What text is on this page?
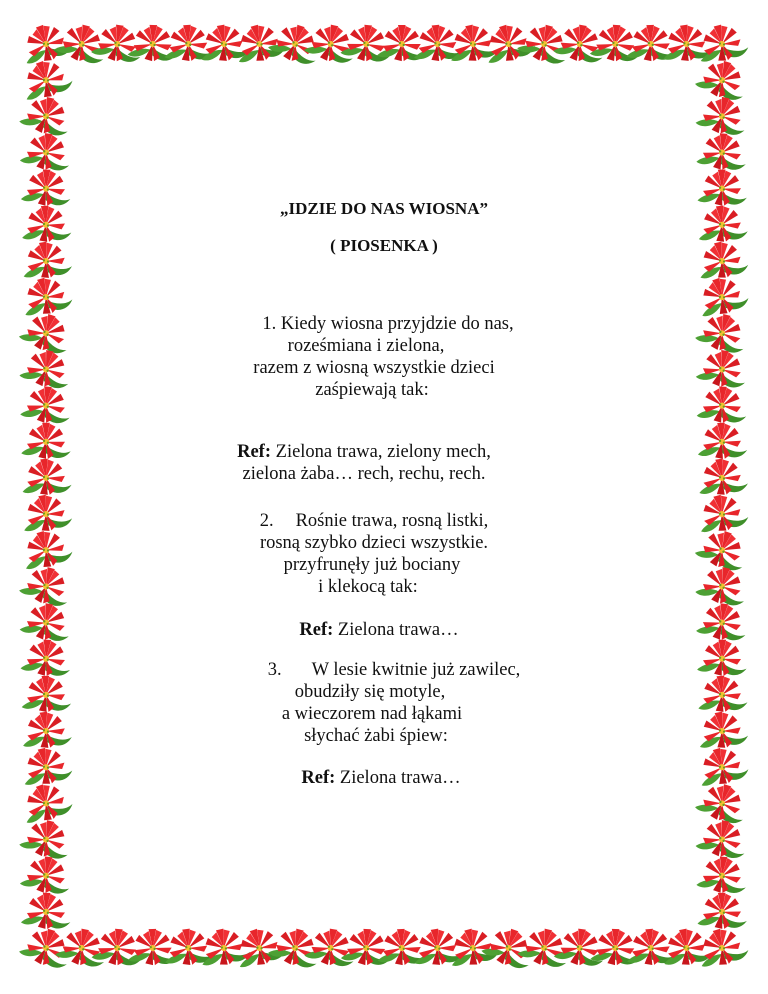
„IDZIE DO NAS WIOSNA”
( PIOSENKA )
1. Kiedy wiosna przyjdzie do nas,
roześmiana i zielona,
razem z wiosną wszystkie dzieci
zaśpiewają tak:
Ref: Zielona trawa, zielony mech,
zielona żaba… rech, rechu, rech.
2. Rośnie trawa, rosną listki,
rosną szybko dzieci wszystkie.
przyfrunęły już bociany
i klekocą tak:
Ref: Zielona trawa…
3. W lesie kwitnie już zawilec,
obudziły się motyle,
a wieczorem nad łąkami
słychać żabi śpiew:
Ref: Zielona trawa…
